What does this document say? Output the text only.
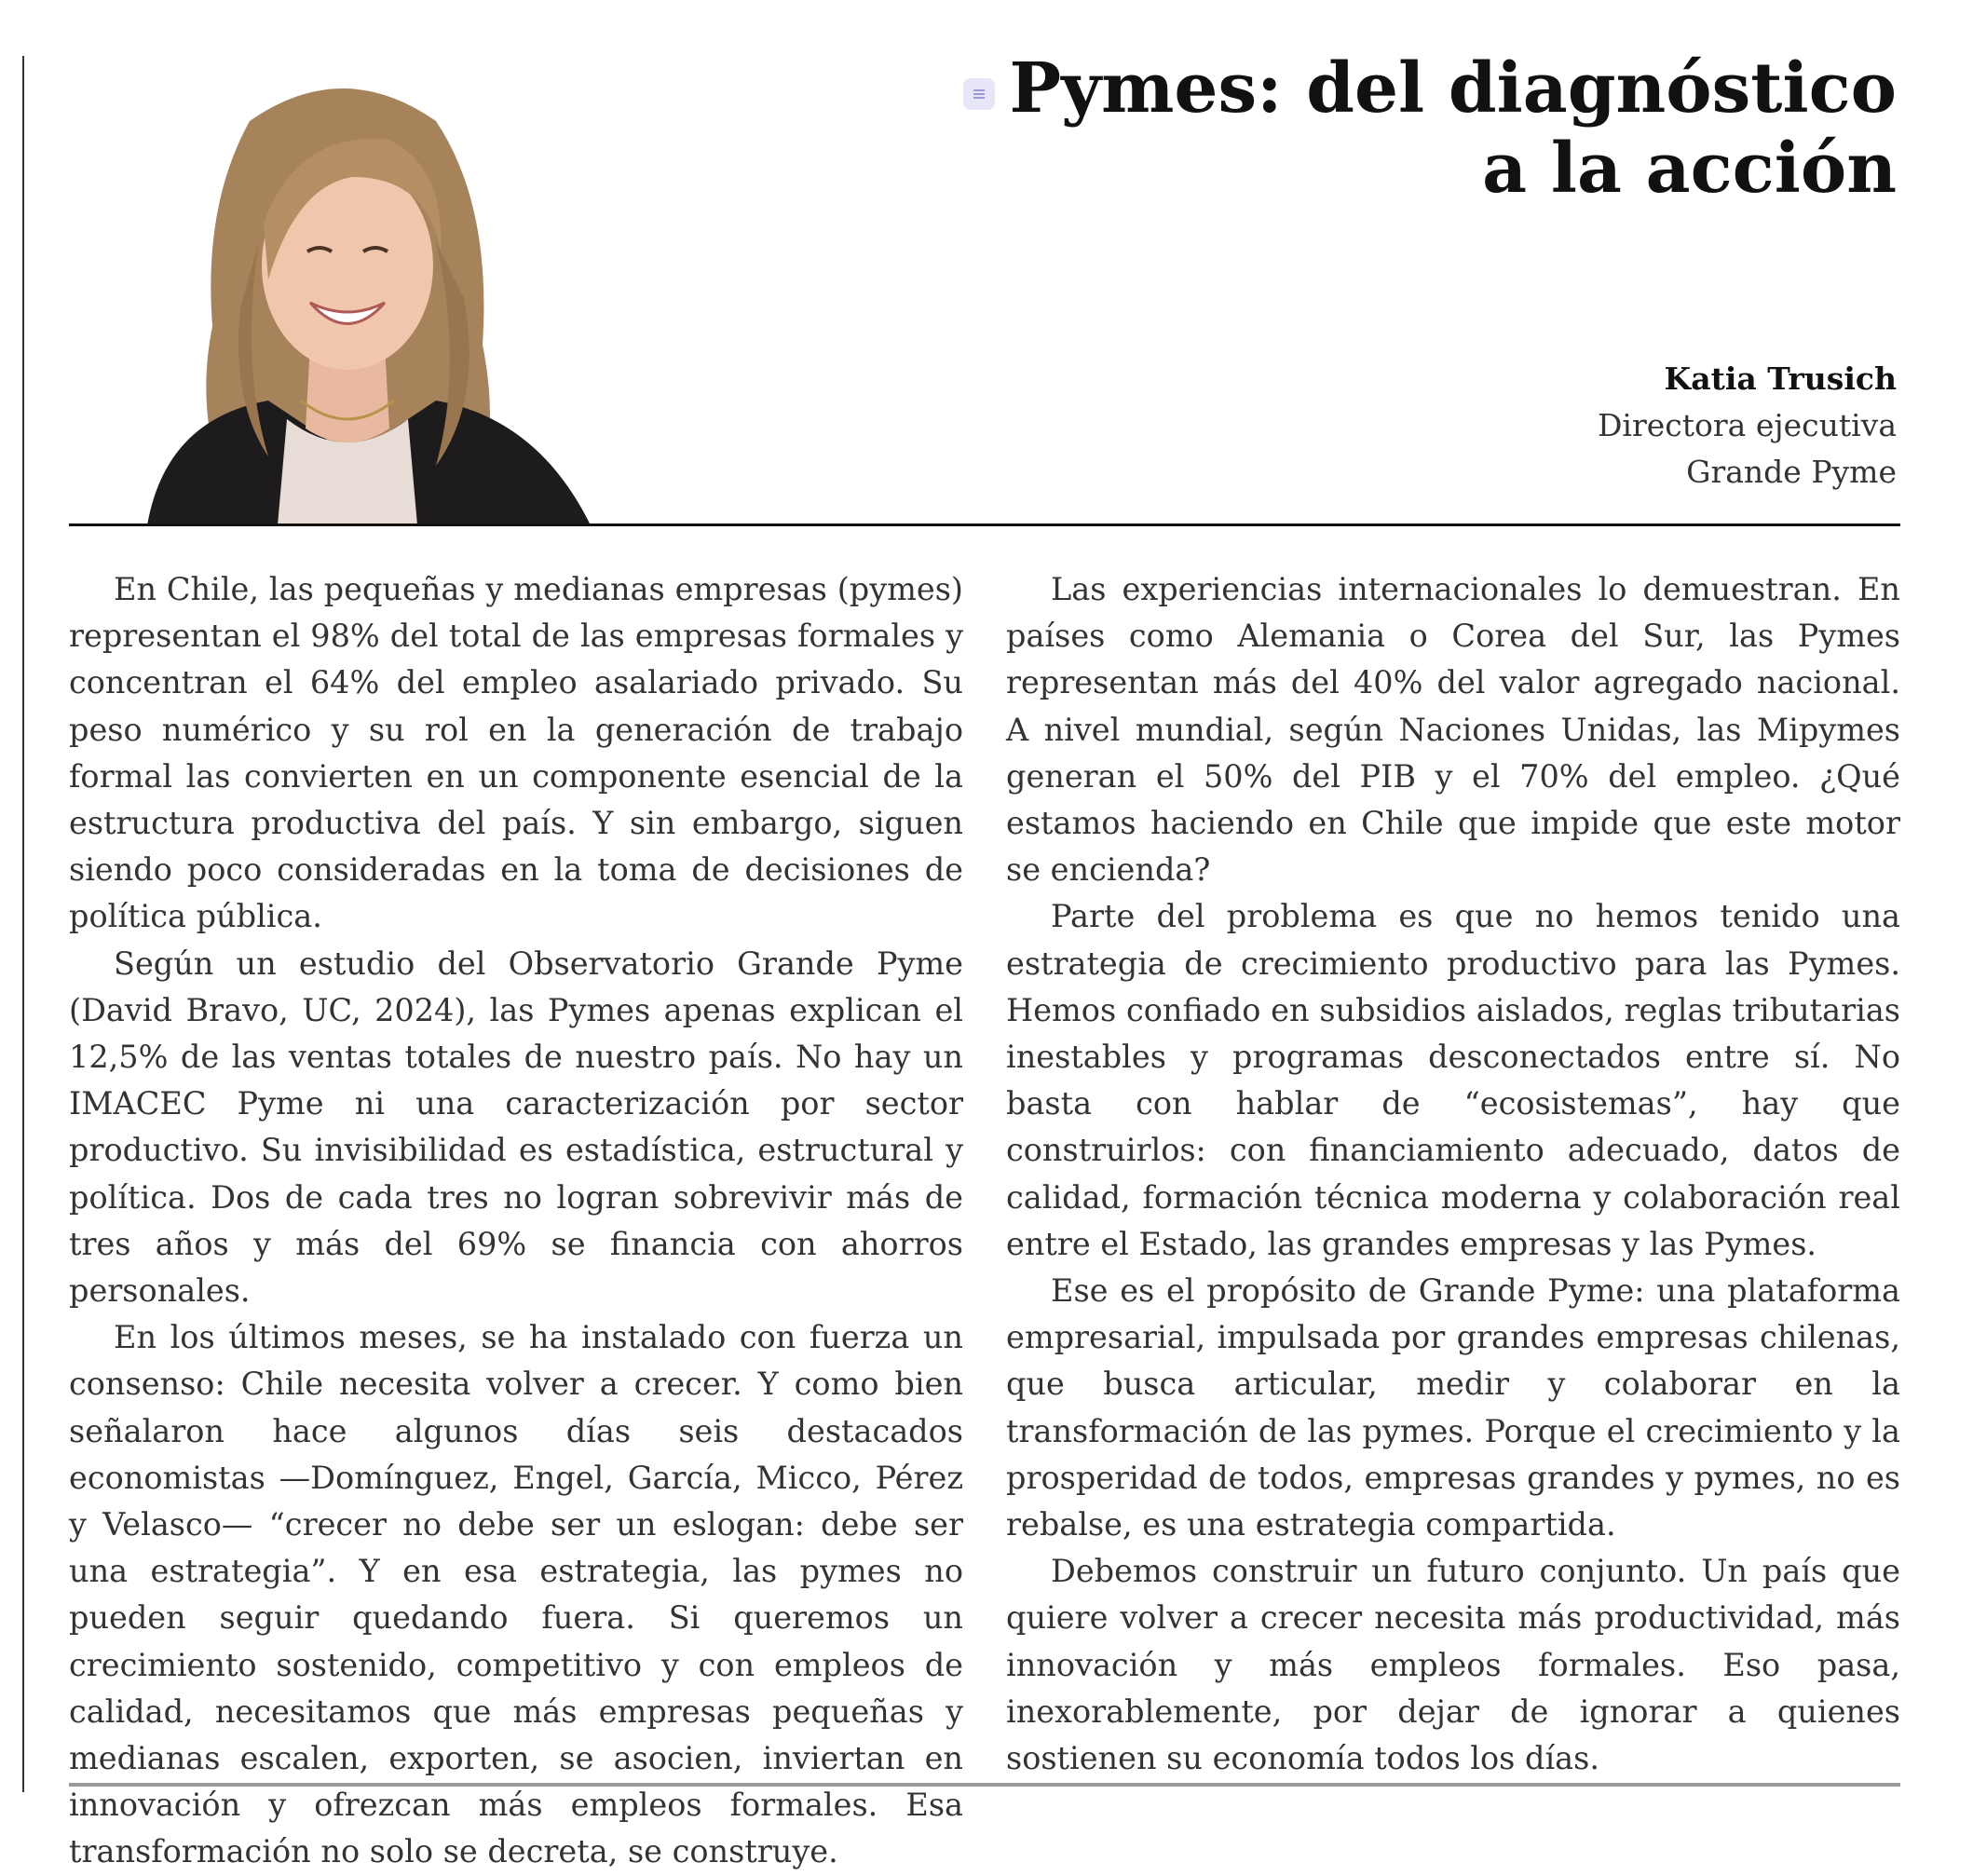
Pymes: del diagnóstico a la acción
Katia Trusich
Directora ejecutiva
Grande Pyme

En Chile, las pequeñas y medianas empresas (pymes) representan el 98% del total de las empresas formales y concentran el 64% del empleo asalariado privado. Su peso numérico y su rol en la generación de trabajo formal las convierten en un componente esencial de la estructura productiva del país. Y sin embargo, siguen siendo poco consideradas en la toma de decisiones de política pública.

Según un estudio del Observatorio Grande Pyme (David Bravo, UC, 2024), las Pymes apenas explican el 12,5% de las ventas totales de nuestro país. No hay un IMACEC Pyme ni una caracterización por sector productivo. Su invisibilidad es estadística, estructural y política. Dos de cada tres no logran sobrevivir más de tres años y más del 69% se financia con ahorros personales.

En los últimos meses, se ha instalado con fuerza un consenso: Chile necesita volver a crecer. Y como bien señalaron hace algunos días seis destacados economistas —Domínguez, Engel, García, Micco, Pérez y Velasco— “crecer no debe ser un eslogan: debe ser una estrategia”. Y en esa estrategia, las pymes no pueden seguir quedando fuera. Si queremos un crecimiento sostenido, competitivo y con empleos de calidad, necesitamos que más empresas pequeñas y medianas escalen, exporten, se asocien, inviertan en innovación y ofrezcan más empleos formales. Esa transformación no solo se decreta, se construye.

Las experiencias internacionales lo demuestran. En países como Alemania o Corea del Sur, las Pymes representan más del 40% del valor agregado nacional. A nivel mundial, según Naciones Unidas, las Mipymes generan el 50% del PIB y el 70% del empleo. ¿Qué estamos haciendo en Chile que impide que este motor se encienda?

Parte del problema es que no hemos tenido una estrategia de crecimiento productivo para las Pymes. Hemos confiado en subsidios aislados, reglas tributarias inestables y programas desconectados entre sí. No basta con hablar de “ecosistemas”, hay que construirlos: con financiamiento adecuado, datos de calidad, formación técnica moderna y colaboración real entre el Estado, las grandes empresas y las Pymes.

Ese es el propósito de Grande Pyme: una plataforma empresarial, impulsada por grandes empresas chilenas, que busca articular, medir y colaborar en la transformación de las pymes. Porque el crecimiento y la prosperidad de todos, empresas grandes y pymes, no es rebalse, es una estrategia compartida.

Debemos construir un futuro conjunto. Un país que quiere volver a crecer necesita más productividad, más innovación y más empleos formales. Eso pasa, inexorablemente, por dejar de ignorar a quienes sostienen su economía todos los días.
